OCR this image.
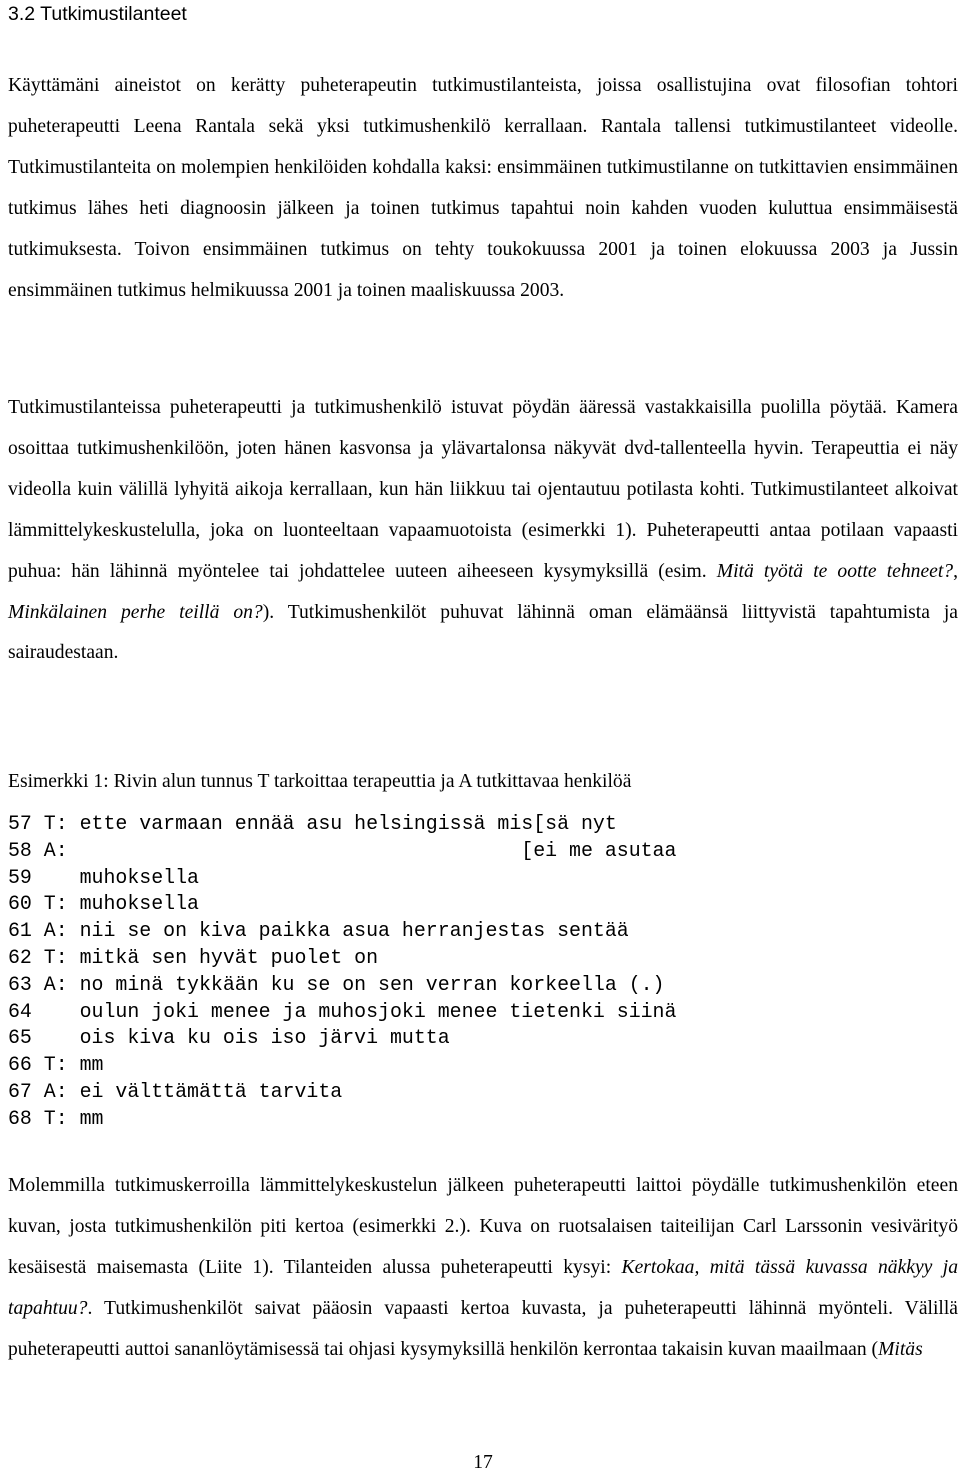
3.2 Tutkimustilanteet

Käyttämäni aineistot on kerätty puheterapeutin tutkimustilanteista, joissa osallistujina ovat filosofian tohtori puheterapeutti Leena Rantala sekä yksi tutkimushenkilö kerrallaan. Rantala tallensi tutkimustilanteet videolle. Tutkimustilanteita on molempien henkilöiden kohdalla kaksi: ensimmäinen tutkimustilanne on tutkittavien ensimmäinen tutkimus lähes heti diagnoosin jälkeen ja toinen tutkimus tapahtui noin kahden vuoden kuluttua ensimmäisestä tutkimuksesta. Toivon ensimmäinen tutkimus on tehty toukokuussa 2001 ja toinen elokuussa 2003 ja Jussin ensimmäinen tutkimus helmikuussa 2001 ja toinen maaliskuussa 2003.

Tutkimustilanteissa puheterapeutti ja tutkimushenkilö istuvat pöydän ääressä vastakkaisilla puolilla pöytää. Kamera osoittaa tutkimushenkilöön, joten hänen kasvonsa ja ylävartalonsa näkyvät dvd-tallenteella hyvin. Terapeuttia ei näy videolla kuin välillä lyhyitä aikoja kerrallaan, kun hän liikkuu tai ojentautuu potilasta kohti. Tutkimustilanteet alkoivat lämmittelykeskustelulla, joka on luonteeltaan vapaamuotoista (esimerkki 1). Puheterapeutti antaa potilaan vapaasti puhua: hän lähinnä myöntelee tai johdattelee uuteen aiheeseen kysymyksillä (esim. Mitä työtä te ootte tehneet?, Minkälainen perhe teillä on?). Tutkimushenkilöt puhuvat lähinnä oman elämäänsä liittyvistä tapahtumista ja sairaudestaan.

Esimerkki 1: Rivin alun tunnus T tarkoittaa terapeuttia ja A tutkittavaa henkilöä
57 T: ette varmaan ennää asu helsingissä mis[sä nyt
58 A:                                      [ei me asutaa
59    muhoksella
60 T: muhoksella
61 A: nii se on kiva paikka asua herranjestas sentää
62 T: mitkä sen hyvät puolet on
63 A: no minä tykkään ku se on sen verran korkeella (.)
64    oulun joki menee ja muhosjoki menee tietenki siinä
65    ois kiva ku ois iso järvi mutta
66 T: mm
67 A: ei välttämättä tarvita
68 T: mm

Molemmilla tutkimuskerroilla lämmittelykeskustelun jälkeen puheterapeutti laittoi pöydälle tutkimushenkilön eteen kuvan, josta tutkimushenkilön piti kertoa (esimerkki 2.). Kuva on ruotsalaisen taiteilijan Carl Larssonin vesivärityö kesäisestä maisemasta (Liite 1). Tilanteiden alussa puheterapeutti kysyi: Kertokaa, mitä tässä kuvassa näkkyy ja tapahtuu?. Tutkimushenkilöt saivat pääosin vapaasti kertoa kuvasta, ja puheterapeutti lähinnä myönteli. Välillä puheterapeutti auttoi sananlöytämisessä tai ohjasi kysymyksillä henkilön kerrontaa takaisin kuvan maailmaan (Mitäs

17
